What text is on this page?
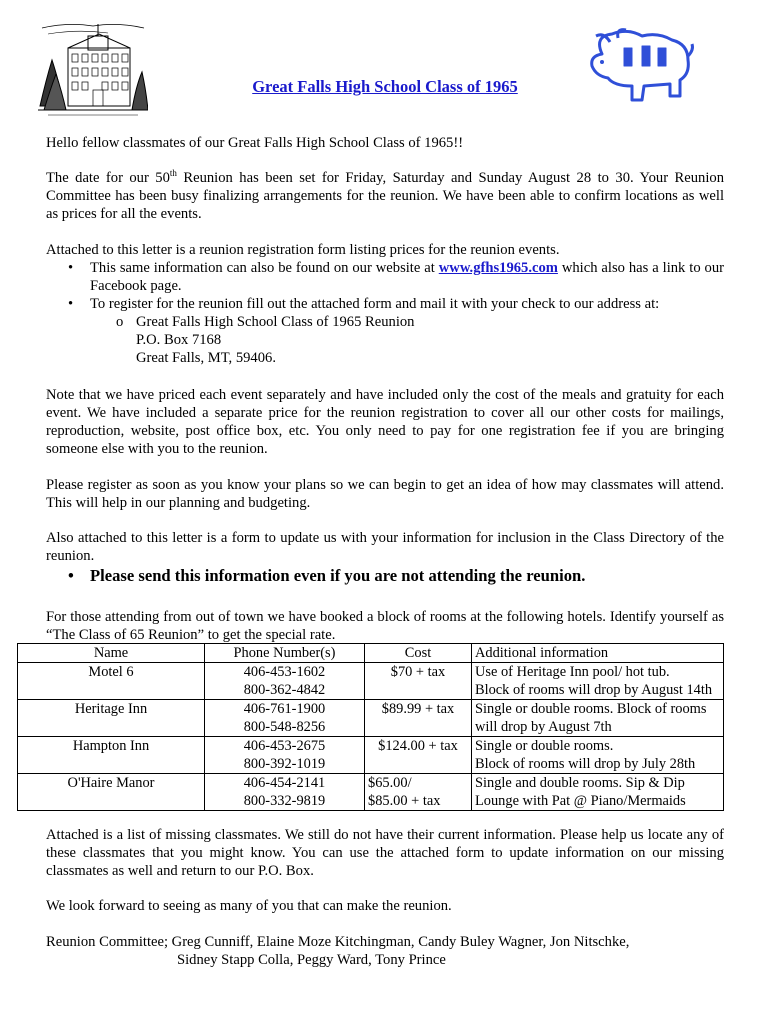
Great Falls High School Class of 1965
Hello fellow classmates of our Great Falls High School Class of 1965!!
The date for our 50th Reunion has been set for Friday, Saturday and Sunday August 28 to 30. Your Reunion Committee has been busy finalizing arrangements for the reunion. We have been able to confirm locations as well as prices for all the events.
Attached to this letter is a reunion registration form listing prices for the reunion events.
• This same information can also be found on our website at www.gfhs1965.com which also has a link to our Facebook page.
• To register for the reunion fill out the attached form and mail it with your check to our address at:
o Great Falls High School Class of 1965 Reunion
P.O. Box 7168
Great Falls, MT, 59406.
Note that we have priced each event separately and have included only the cost of the meals and gratuity for each event. We have included a separate price for the reunion registration to cover all our other costs for mailings, reproduction, website, post office box, etc. You only need to pay for one registration fee if you are bringing someone else with you to the reunion.
Please register as soon as you know your plans so we can begin to get an idea of how may classmates will attend. This will help in our planning and budgeting.
Also attached to this letter is a form to update us with your information for inclusion in the Class Directory of the reunion.
• Please send this information even if you are not attending the reunion.
For those attending from out of town we have booked a block of rooms at the following hotels. Identify yourself as “The Class of 65 Reunion” to get the special rate.
Name	Phone Number(s)	Cost	Additional information
Motel 6	406-453-1602
800-362-4842	$70 + tax	Use of Heritage Inn pool/ hot tub.
Block of rooms will drop by August 14th

Heritage Inn	406-761-1900
800-548-8256	$89.99 + tax	Single or double rooms. Block of rooms
will drop by August 7th

Hampton Inn	406-453-2675
800-392-1019	$124.00 + tax	Single or double rooms.
Block of rooms will drop by July 28th

O'Haire Manor	406-454-2141
800-332-9819	$65.00/
$85.00 + tax	Single and double rooms. Sip & Dip
Lounge with Pat @ Piano/Mermaids
Attached is a list of missing classmates. We still do not have their current information. Please help us locate any of these classmates that you might know. You can use the attached form to update information on our missing classmates as well and return to our P.O. Box.
We look forward to seeing as many of you that can make the reunion.
Reunion Committee; Greg Cunniff, Elaine Moze Kitchingman, Candy Buley Wagner, Jon Nitschke,
Sidney Stapp Colla, Peggy Ward, Tony Prince
